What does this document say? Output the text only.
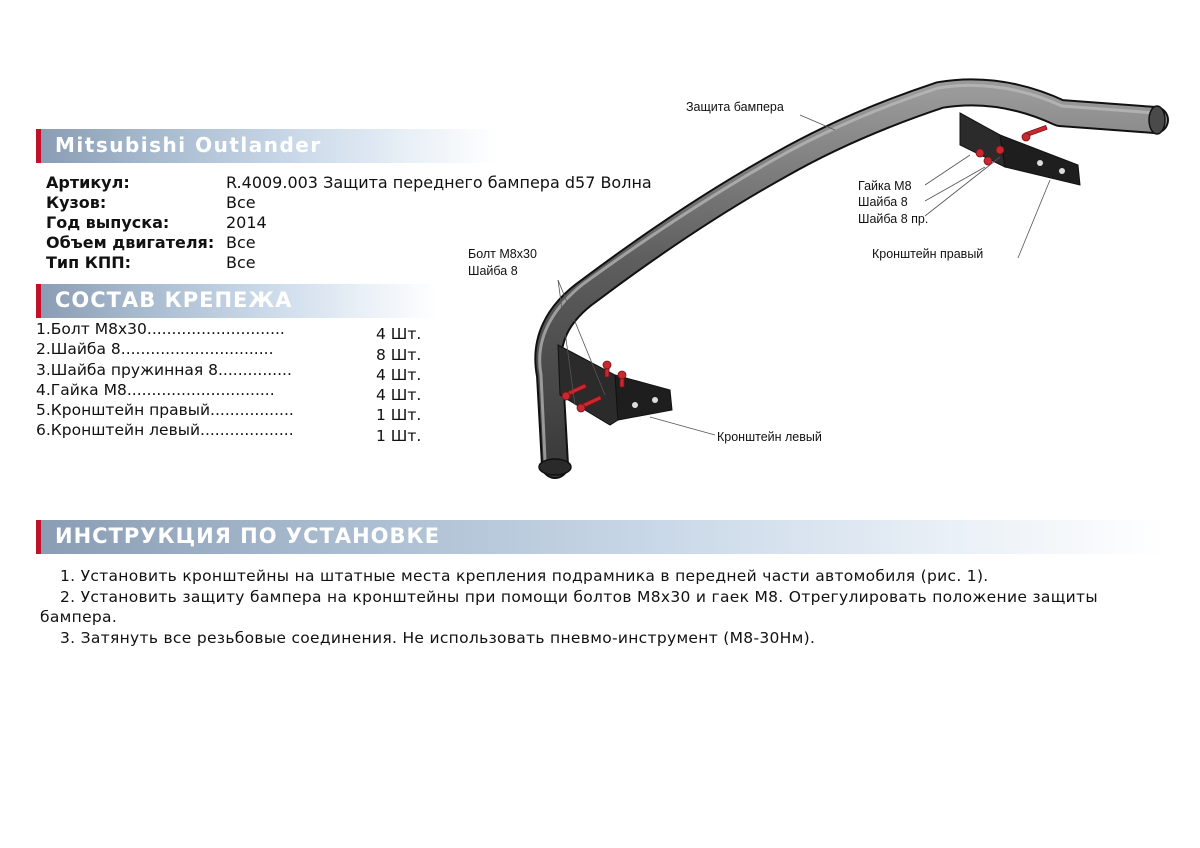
Mitsubishi Outlander
Артикул:	R.4009.003 Защита переднего бампера d57 Волна
Кузов:	Все
Год выпуска:	2014
Объем двигателя: Все
Тип КПП:	Все
СОСТАВ КРЕПЕЖА
1.Болт М8х30............................	4 Шт.
2.Шайба 8...............................	8 Шт.
3.Шайба пружинная 8...............	4 Шт.
4.Гайка М8..............................	4 Шт.
5.Кронштейн правый.................	1 Шт.
6.Кронштейн левый...................	1 Шт.
Защита бампера
Гайка М8
Шайба 8
Шайба 8 пр.
Кронштейн правый
Болт М8х30
Шайба 8
Кронштейн левый
ИНСТРУКЦИЯ ПО УСТАНОВКЕ

1. Установить кронштейны на штатные места крепления подрамника в передней части автомобиля (рис. 1).

2. Установить защиту бампера на кронштейны при помощи болтов М8х30 и гаек М8. Отрегулировать положение защиты бампера.

3. Затянуть все резьбовые соединения. Не использовать пневмо-инструмент (М8-30Нм).
